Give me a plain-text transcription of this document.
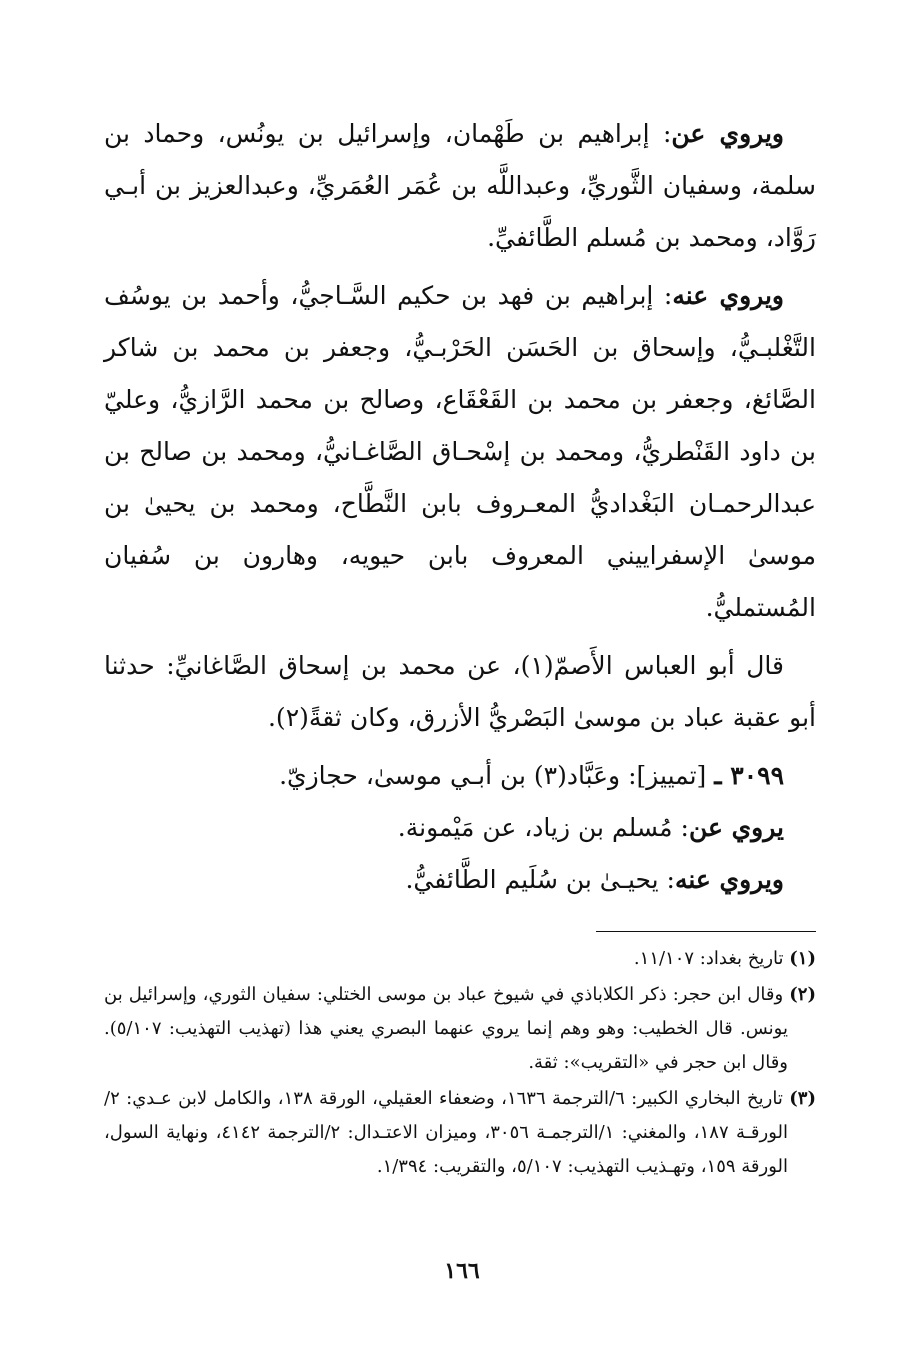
ويروي عن: إبراهيم بن طَهْمان، وإسرائيل بن يونُس، وحماد بن سلمة، وسفيان الثَّوريِّ، وعبداللَّه بن عُمَر العُمَريِّ، وعبدالعزيز بن أبـي رَوَّاد، ومحمد بن مُسلم الطَّائفيِّ.

ويروي عنه: إبراهيم بن فهد بن حكيم السَّـاجيُّ، وأحمد بن يوسُف التَّغْلبـيُّ، وإسحاق بن الحَسَن الحَرْبـيُّ، وجعفر بن محمد بن شاكر الصَّائغ، وجعفر بن محمد بن القَعْقَاع، وصالح بن محمد الرَّازيُّ، وعليّ بن داود القَنْطريُّ، ومحمد بن إسْحـاق الصَّاغـانيُّ، ومحمد بن صالح بن عبدالرحمـان البَغْداديُّ المعـروف بابن النَّطَّاح، ومحمد بن يحيىٰ بن موسىٰ الإسفراييني المعروف بابن حيويه، وهارون بن سُفيان المُستمليُّ.

قال أبو العباس الأَصمّ(١)، عن محمد بن إسحاق الصَّاغانيِّ: حدثنا أبو عقبة عباد بن موسىٰ البَصْريُّ الأزرق، وكان ثقةً(٢).

٣٠٩٩ ـ [تمييز]: وعَبَّاد(٣) بن أبـي موسىٰ، حجازيّ.

يروي عن: مُسلم بن زياد، عن مَيْمونة.

ويروي عنه: يحيـىٰ بن سُلَيم الطَّائفيُّ.

(١) تاريخ بغداد: ١١/١٠٧.

(٢) وقال ابن حجر: ذكر الكلاباذي في شيوخ عباد بن موسى الختلي: سفيان الثوري، وإسرائيل بن يونس. قال الخطيب: وهو وهم إنما يروي عنهما البصري يعني هذا (تهذيب التهذيب: ٥/١٠٧). وقال ابن حجر في «التقريب»: ثقة.

(٣) تاريخ البخاري الكبير: ٦/الترجمة ١٦٣٦، وضعفاء العقيلي، الورقة ١٣٨، والكامل لابن عـدي: ٢/الورقـة ١٨٧، والمغني: ١/الترجمـة ٣٠٥٦، وميزان الاعتـدال: ٢/الترجمة ٤١٤٢، ونهاية السول، الورقة ١٥٩، وتهـذيب التهذيب: ٥/١٠٧، والتقريب: ١/٣٩٤.

١٦٦
